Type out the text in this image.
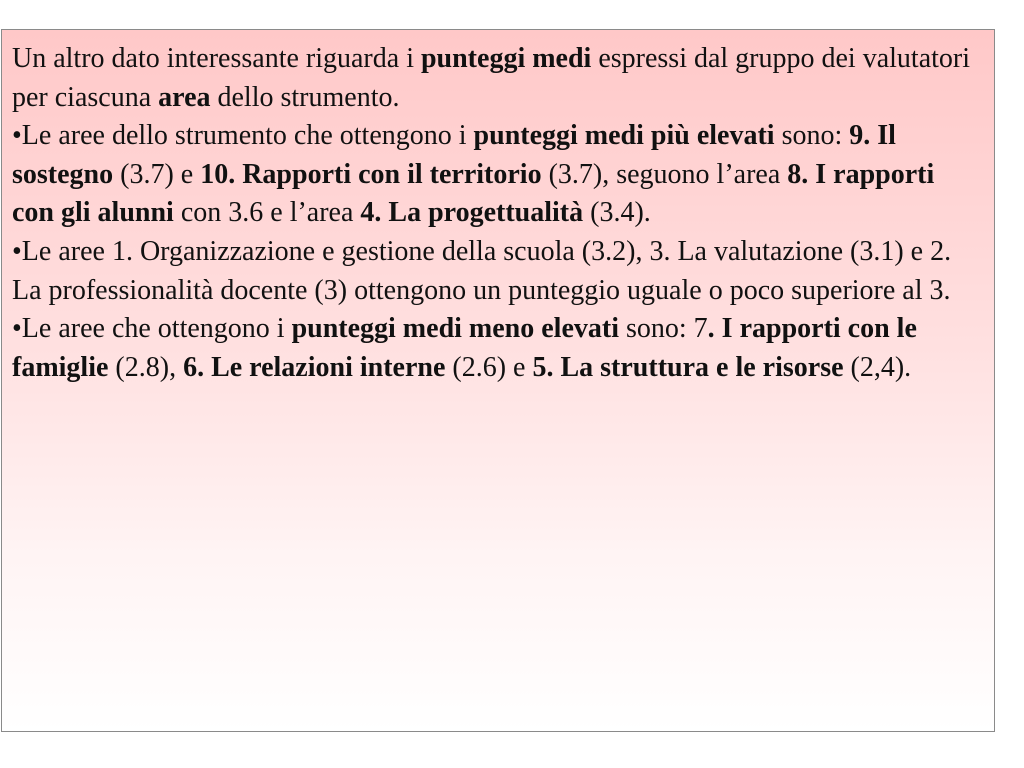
Un altro dato interessante riguarda i punteggi medi espressi dal gruppo dei valutatori per ciascuna area dello strumento.

•Le aree dello strumento che ottengono i punteggi medi più elevati sono: 9. Il sostegno (3.7) e 10. Rapporti con il territorio (3.7), seguono l’area 8. I rapporti con gli alunni con 3.6 e l’area 4. La progettualità (3.4).

•Le aree 1. Organizzazione e gestione della scuola (3.2), 3. La valutazione (3.1) e 2. La professionalità docente (3) ottengono un punteggio uguale o poco superiore al 3.

•Le aree che ottengono i punteggi medi meno elevati sono: 7. I rapporti con le famiglie (2.8), 6. Le relazioni interne (2.6) e 5. La struttura e le risorse (2,4).
